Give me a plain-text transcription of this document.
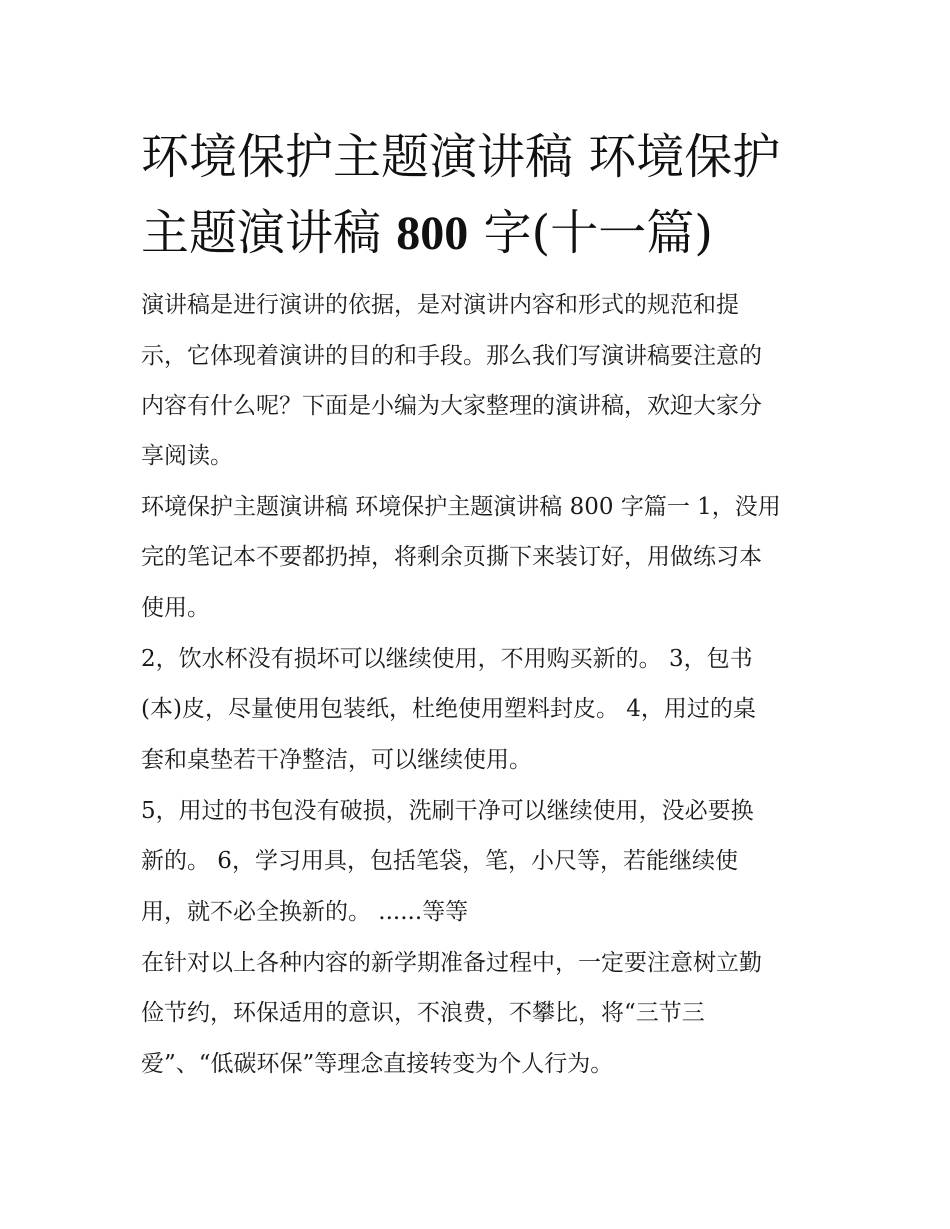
环境保护主题演讲稿 环境保护
主题演讲稿 800 字(十一篇)
演讲稿是进行演讲的依据，是对演讲内容和形式的规范和提
示，它体现着演讲的目的和手段。那么我们写演讲稿要注意的
内容有什么呢？下面是小编为大家整理的演讲稿，欢迎大家分
享阅读。
环境保护主题演讲稿 环境保护主题演讲稿 800 字篇一 1，没用
完的笔记本不要都扔掉，将剩余页撕下来装订好，用做练习本
使用。
2，饮水杯没有损坏可以继续使用，不用购买新的。 3，包书
(本)皮，尽量使用包装纸，杜绝使用塑料封皮。 4，用过的桌
套和桌垫若干净整洁，可以继续使用。
5，用过的书包没有破损，洗刷干净可以继续使用，没必要换
新的。 6，学习用具，包括笔袋，笔，小尺等，若能继续使
用，就不必全换新的。 ......等等
在针对以上各种内容的新学期准备过程中，一定要注意树立勤
俭节约，环保适用的意识，不浪费，不攀比，将“三节三
爱”、“低碳环保”等理念直接转变为个人行为。
